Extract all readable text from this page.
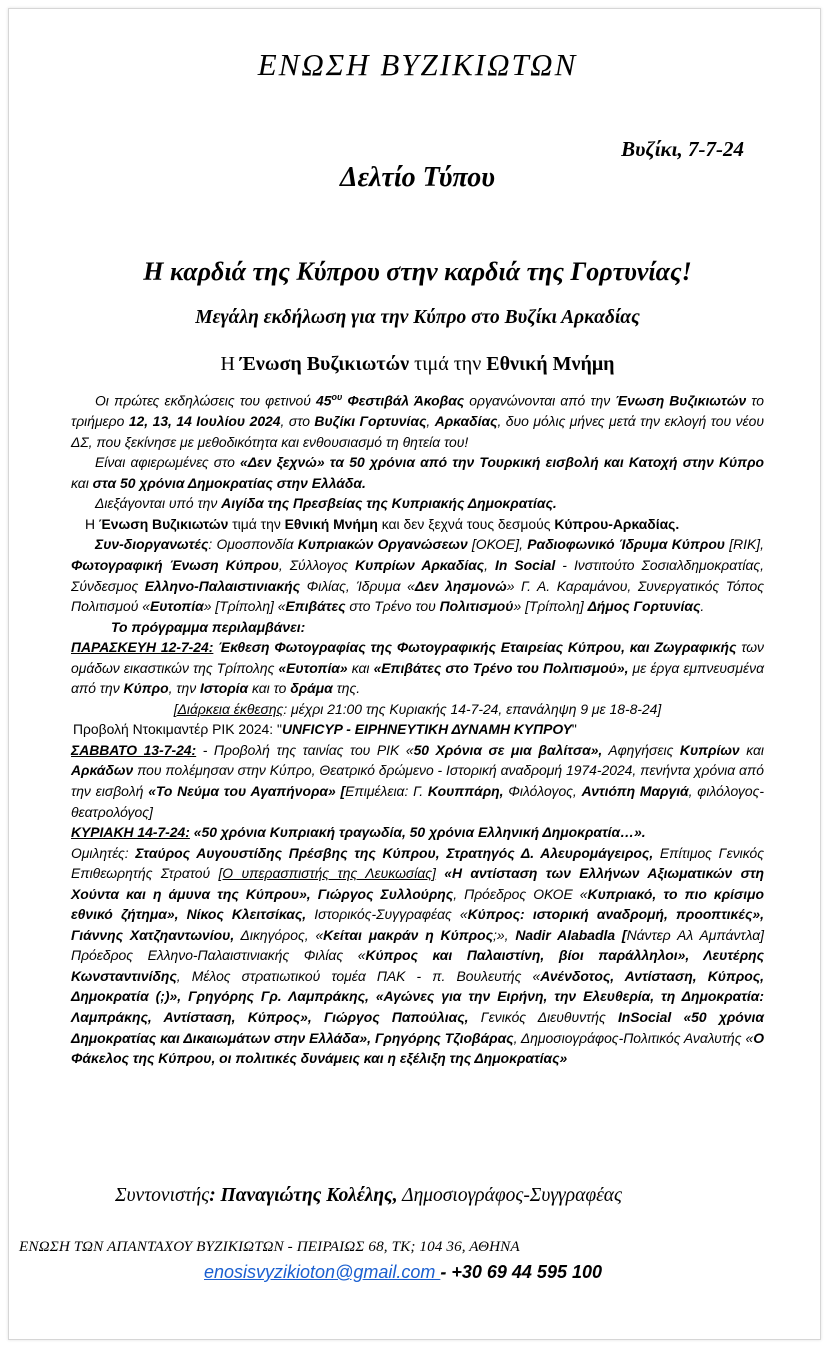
ΕΝΩΣΗ ΒΥΖΙΚΙΩΤΩΝ
Βυζίκι, 7-7-24
Δελτίο Τύπου
Η καρδιά της Κύπρου στην καρδιά της Γορτυνίας!
Μεγάλη εκδήλωση για την Κύπρο στο Βυζίκι Αρκαδίας
Η Ένωση Βυζικιωτών τιμά την Εθνική Μνήμη

Οι πρώτες εκδηλώσεις του φετινού $45^{o\upsilon}$ Φεστιβάλ Άκοβας οργανώνονται από την Ένωση Βυζικιωτών το τριήμερο 12, 13, 14 Ιουλίου 2024, στο Βυζίκι Γορτυνίας, Αρκαδίας, δυο μόλις μήνες μετά την εκλογή του νέου ΔΣ, που ξεκίνησε με μεθοδικότητα και ενθουσιασμό τη θητεία του!

Είναι αφιερωμένες στο «Δεν ξεχνώ» τα 50 χρόνια από την Τουρκική εισβολή και Κατοχή στην Κύπρο και στα 50 χρόνια Δημοκρατίας στην Ελλάδα.

Διεξάγονται υπό την Αιγίδα της Πρεσβείας της Κυπριακής Δημοκρατίας.

Η Ένωση Βυζικιωτών τιμά την Εθνική Μνήμη και δεν ξεχνά τους δεσμούς Κύπρου-Αρκαδίας.

Συν-διοργανωτές: Ομοσπονδία Κυπριακών Οργανώσεων [ΟΚΟΕ], Ραδιοφωνικό Ίδρυμα Κύπρου [RIK], Φωτογραφική Ένωση Κύπρου, Σύλλογος Κυπρίων Αρκαδίας, In Social - Ινστιτούτο Σοσιαλδημοκρατίας, Σύνδεσμος Ελληνο-Παλαιστινιακής Φιλίας, Ίδρυμα «Δεν λησμονώ» Γ. Α. Καραμάνου, Συνεργατικός Τόπος Πολιτισμού «Ευτοπία» [Τρίπολη] «Επιβάτες στο Τρένο του Πολιτισμού» [Τρίπολη] Δήμος Γορτυνίας.

Το πρόγραμμα περιλαμβάνει:

ΠΑΡΑΣΚΕΥΗ 12-7-24: Έκθεση Φωτογραφίας της Φωτογραφικής Εταιρείας Κύπρου, και Ζωγραφικής των ομάδων εικαστικών της Τρίπολης «Ευτοπία» και «Επιβάτες στο Τρένο του Πολιτισμού», με έργα εμπνευσμένα από την Κύπρο, την Ιστορία και το δράμα της.

[Διάρκεια έκθεσης: μέχρι 21:00 της Κυριακής 14-7-24, επανάληψη 9 με 18-8-24]

Προβολή Ντοκιμαντέρ ΡΙΚ 2024: "UNFICYP - ΕΙΡΗΝΕΥΤΙΚΗ ΔΥΝΑΜΗ ΚΥΠΡΟΥ"

ΣΑΒΒΑΤΟ 13-7-24: - Προβολή της ταινίας του ΡΙΚ «50 Χρόνια σε μια βαλίτσα», Αφηγήσεις Κυπρίων και Αρκάδων που πολέμησαν στην Κύπρο, Θεατρικό δρώμενο - Ιστορική αναδρομή 1974-2024, πενήντα χρόνια από την εισβολή «Το Νεύμα του Αγαπήνορα» [Επιμέλεια: Γ. Κουππάρη, Φιλόλογος, Αντιόπη Μαργιά, φιλόλογος-θεατρολόγος]

ΚΥΡΙΑΚΗ 14-7-24: «50 χρόνια Κυπριακή τραγωδία, 50 χρόνια Ελληνική Δημοκρατία…».

Ομιλητές: Σταύρος Αυγουστίδης Πρέσβης της Κύπρου, Στρατηγός Δ. Αλευρομάγειρος, Επίτιμος Γενικός Επιθεωρητής Στρατού [Ο υπερασπιστής της Λευκωσίας] «Η αντίσταση των Ελλήνων Αξιωματικών στη Χούντα και η άμυνα της Κύπρου», Γιώργος Συλλούρης, Πρόεδρος ΟΚΟΕ «Κυπριακό, το πιο κρίσιμο εθνικό ζήτημα», Νίκος Κλειτσίκας, Ιστορικός-Συγγραφέας «Κύπρος: ιστορική αναδρομή, προοπτικές», Γιάννης Χατζηαντωνίου, Δικηγόρος, «Κείται μακράν η Κύπρος;», Nadir Alabadla [Νάντερ Αλ Αμπάντλα] Πρόεδρος Ελληνο-Παλαιστινιακής Φιλίας «Κύπρος και Παλαιστίνη, βίοι παράλληλοι», Λευτέρης Κωνσταντινίδης, Μέλος στρατιωτικού τομέα ΠΑΚ - π. Βουλευτής «Ανένδοτος, Αντίσταση, Κύπρος, Δημοκρατία (;)», Γρηγόρης Γρ. Λαμπράκης, «Αγώνες για την Ειρήνη, την Ελευθερία, τη Δημοκρατία: Λαμπράκης, Αντίσταση, Κύπρος», Γιώργος Παπούλιας, Γενικός Διευθυντής InSocial «50 χρόνια Δημοκρατίας και Δικαιωμάτων στην Ελλάδα», Γρηγόρης Τζιοβάρας, Δημοσιογράφος-Πολιτικός Αναλυτής «Ο Φάκελος της Κύπρου, οι πολιτικές δυνάμεις και η εξέλιξη της Δημοκρατίας»

Συντονιστής: Παναγιώτης Κολέλης, Δημοσιογράφος-Συγγραφέας
ΕΝΩΣΗ ΤΩΝ ΑΠΑΝΤΑΧΟΥ ΒΥΖΙΚΙΩΤΩΝ - ΠΕΙΡΑΙΩΣ 68, ΤΚ; 104 36, ΑΘΗΝΑ
enosisvyzikioton@gmail.com - +30 69 44 595 100
